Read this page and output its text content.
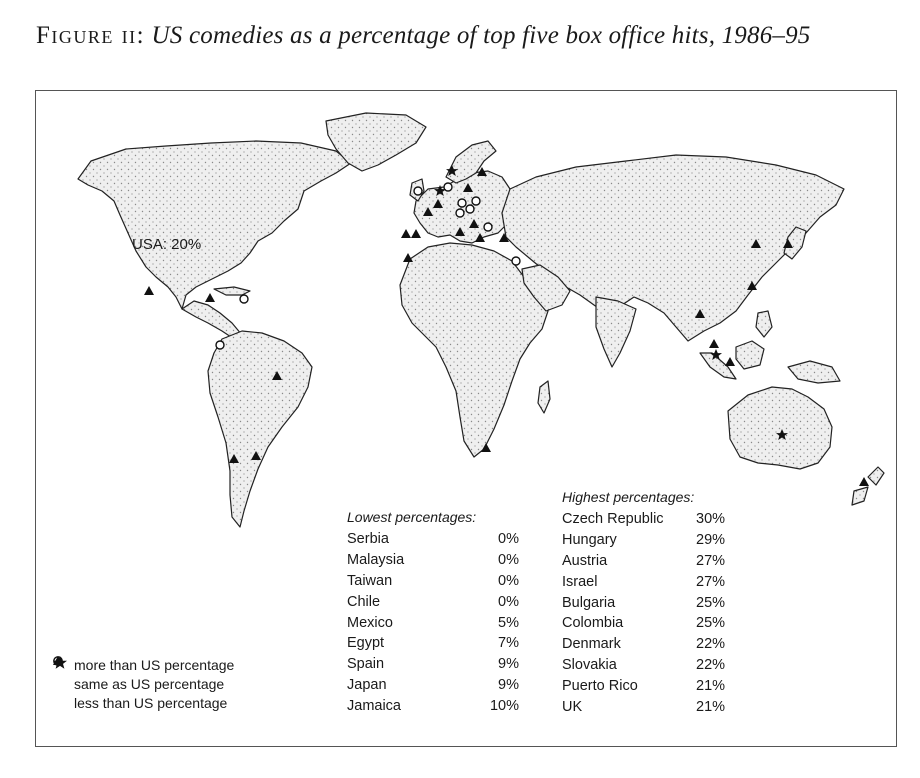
Figure ii: US comedies as a percentage of top five box office hits, 1986–95
USA: 20%
Lowest percentages:
Serbia	0%
Malaysia	0%
Taiwan	0%
Chile	0%
Mexico	5%
Egypt	7%
Spain	9%
Japan	9%
Jamaica	10%
Highest percentages:
Czech Republic	30%
Hungary	29%
Austria	27%
Israel	27%
Bulgaria	25%
Colombia	25%
Denmark	22%
Slovakia	22%
Puerto Rico	21%
UK	21%
more than US percentage
same as US percentage
less than US percentage
